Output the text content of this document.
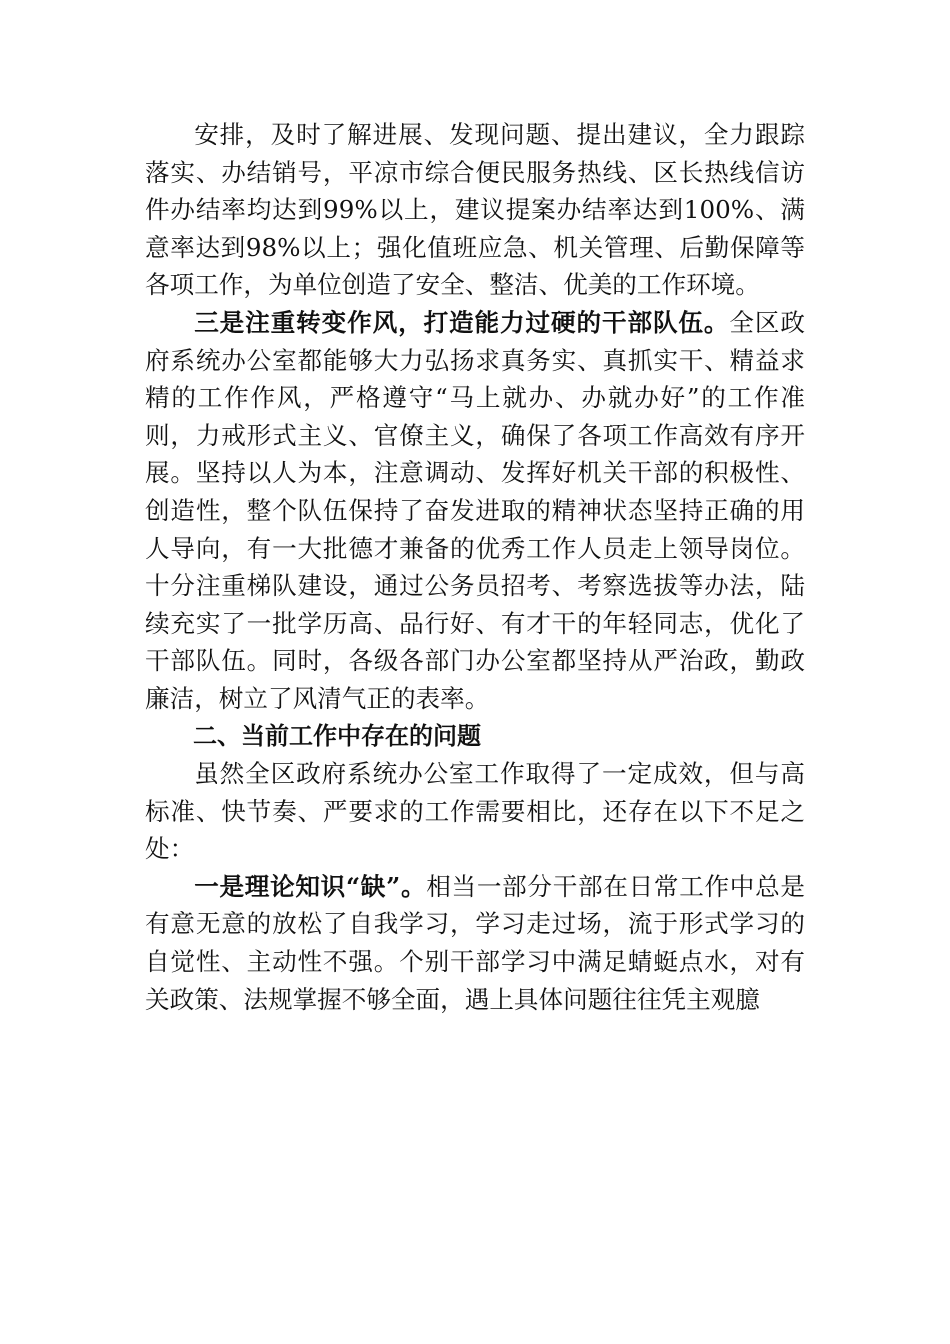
安排，及时了解进展、发现问题、提出建议，全力跟踪落实、办结销号，平凉市综合便民服务热线、区长热线信访件办结率均达到99%以上，建议提案办结率达到100%、满意率达到98%以上；强化值班应急、机关管理、后勤保障等各项工作，为单位创造了安全、整洁、优美的工作环境。

三是注重转变作风，打造能力过硬的干部队伍。全区政府系统办公室都能够大力弘扬求真务实、真抓实干、精益求精的工作作风，严格遵守“马上就办、办就办好”的工作准则，力戒形式主义、官僚主义，确保了各项工作高效有序开展。坚持以人为本，注意调动、发挥好机关干部的积极性、创造性，整个队伍保持了奋发进取的精神状态坚持正确的用人导向，有一大批德才兼备的优秀工作人员走上领导岗位。十分注重梯队建设，通过公务员招考、考察选拔等办法，陆续充实了一批学历高、品行好、有才干的年轻同志，优化了干部队伍。同时，各级各部门办公室都坚持从严治政，勤政廉洁，树立了风清气正的表率。

二、当前工作中存在的问题

虽然全区政府系统办公室工作取得了一定成效，但与高标准、快节奏、严要求的工作需要相比，还存在以下不足之处：

一是理论知识“缺”。相当一部分干部在日常工作中总是有意无意的放松了自我学习，学习走过场，流于形式学习的自觉性、主动性不强。个别干部学习中满足蜻蜓点水，对有关政策、法规掌握不够全面，遇上具体问题往往凭主观臆
